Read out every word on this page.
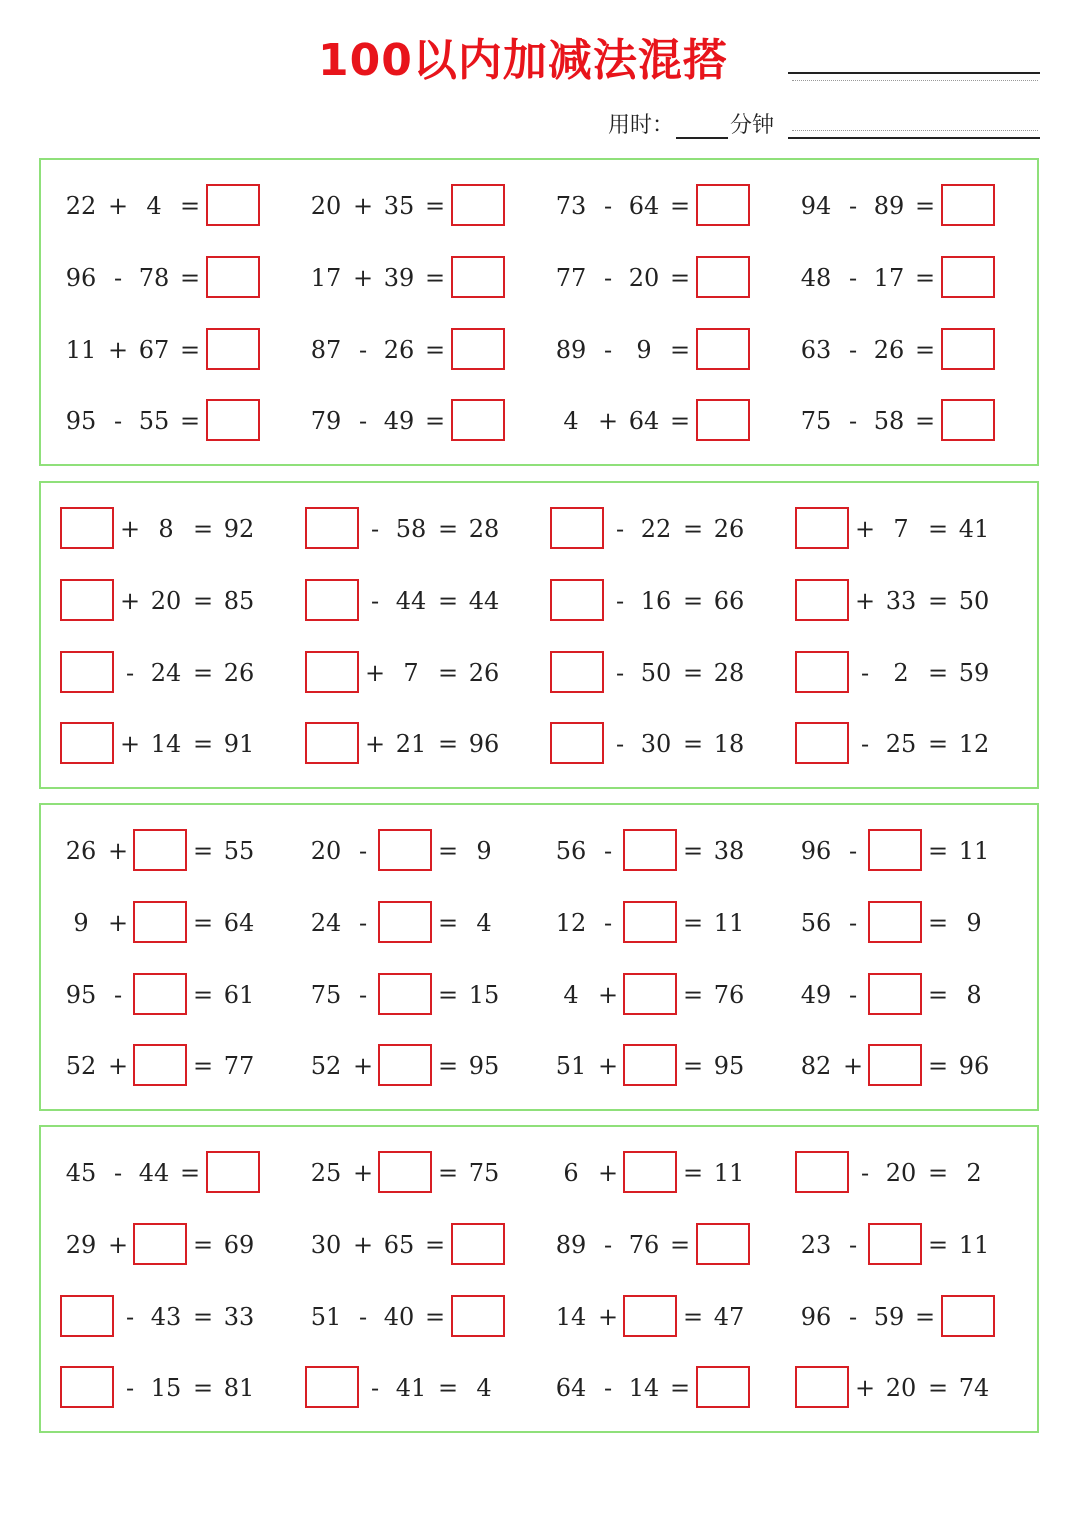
100以内加减法混搭
用时：	分钟
22 + 4 =	20 + 35 =	73 - 64 =	94 - 89 =
96 - 78 =	17 + 39 =	77 - 20 =	48 - 17 =
11 + 67 =	87 - 26 =	89 -	9 =	63 - 26 =
95 - 55 =	79 - 49 =	4 + 64 =	75 - 58 =
+ 8 = 92	- 58 = 28	- 22 = 26	+ 7 = 41
+ 20 = 85	- 44 = 44	- 16 = 66	+ 33 = 50
- 24 = 26	+ 7 = 26	- 50 = 28	-	2 = 59
+ 14 = 91	+ 21 = 96	- 30 = 18	- 25 = 12
26 +	= 55 20 -	= 9	56 -	= 38 96 -	= 11
9 +	= 64 24 -	= 4	12 -	= 11 56 -	= 9
95 -	= 61 75 -	= 15	4 +	= 76 49 -	= 8
52 +	= 77 52 +	= 95 51 +	= 95 82 +	= 96
45 - 44 =	25 +	= 75	6 +	= 11	- 20 = 2
29 +	= 69 30 + 65 =	89 - 76 =	23 -	= 11
- 43 = 33 51 - 40 =	14 +	= 47 96 - 59 =
- 15 = 81	- 41 = 4	64 - 14 =	+ 20 = 74
